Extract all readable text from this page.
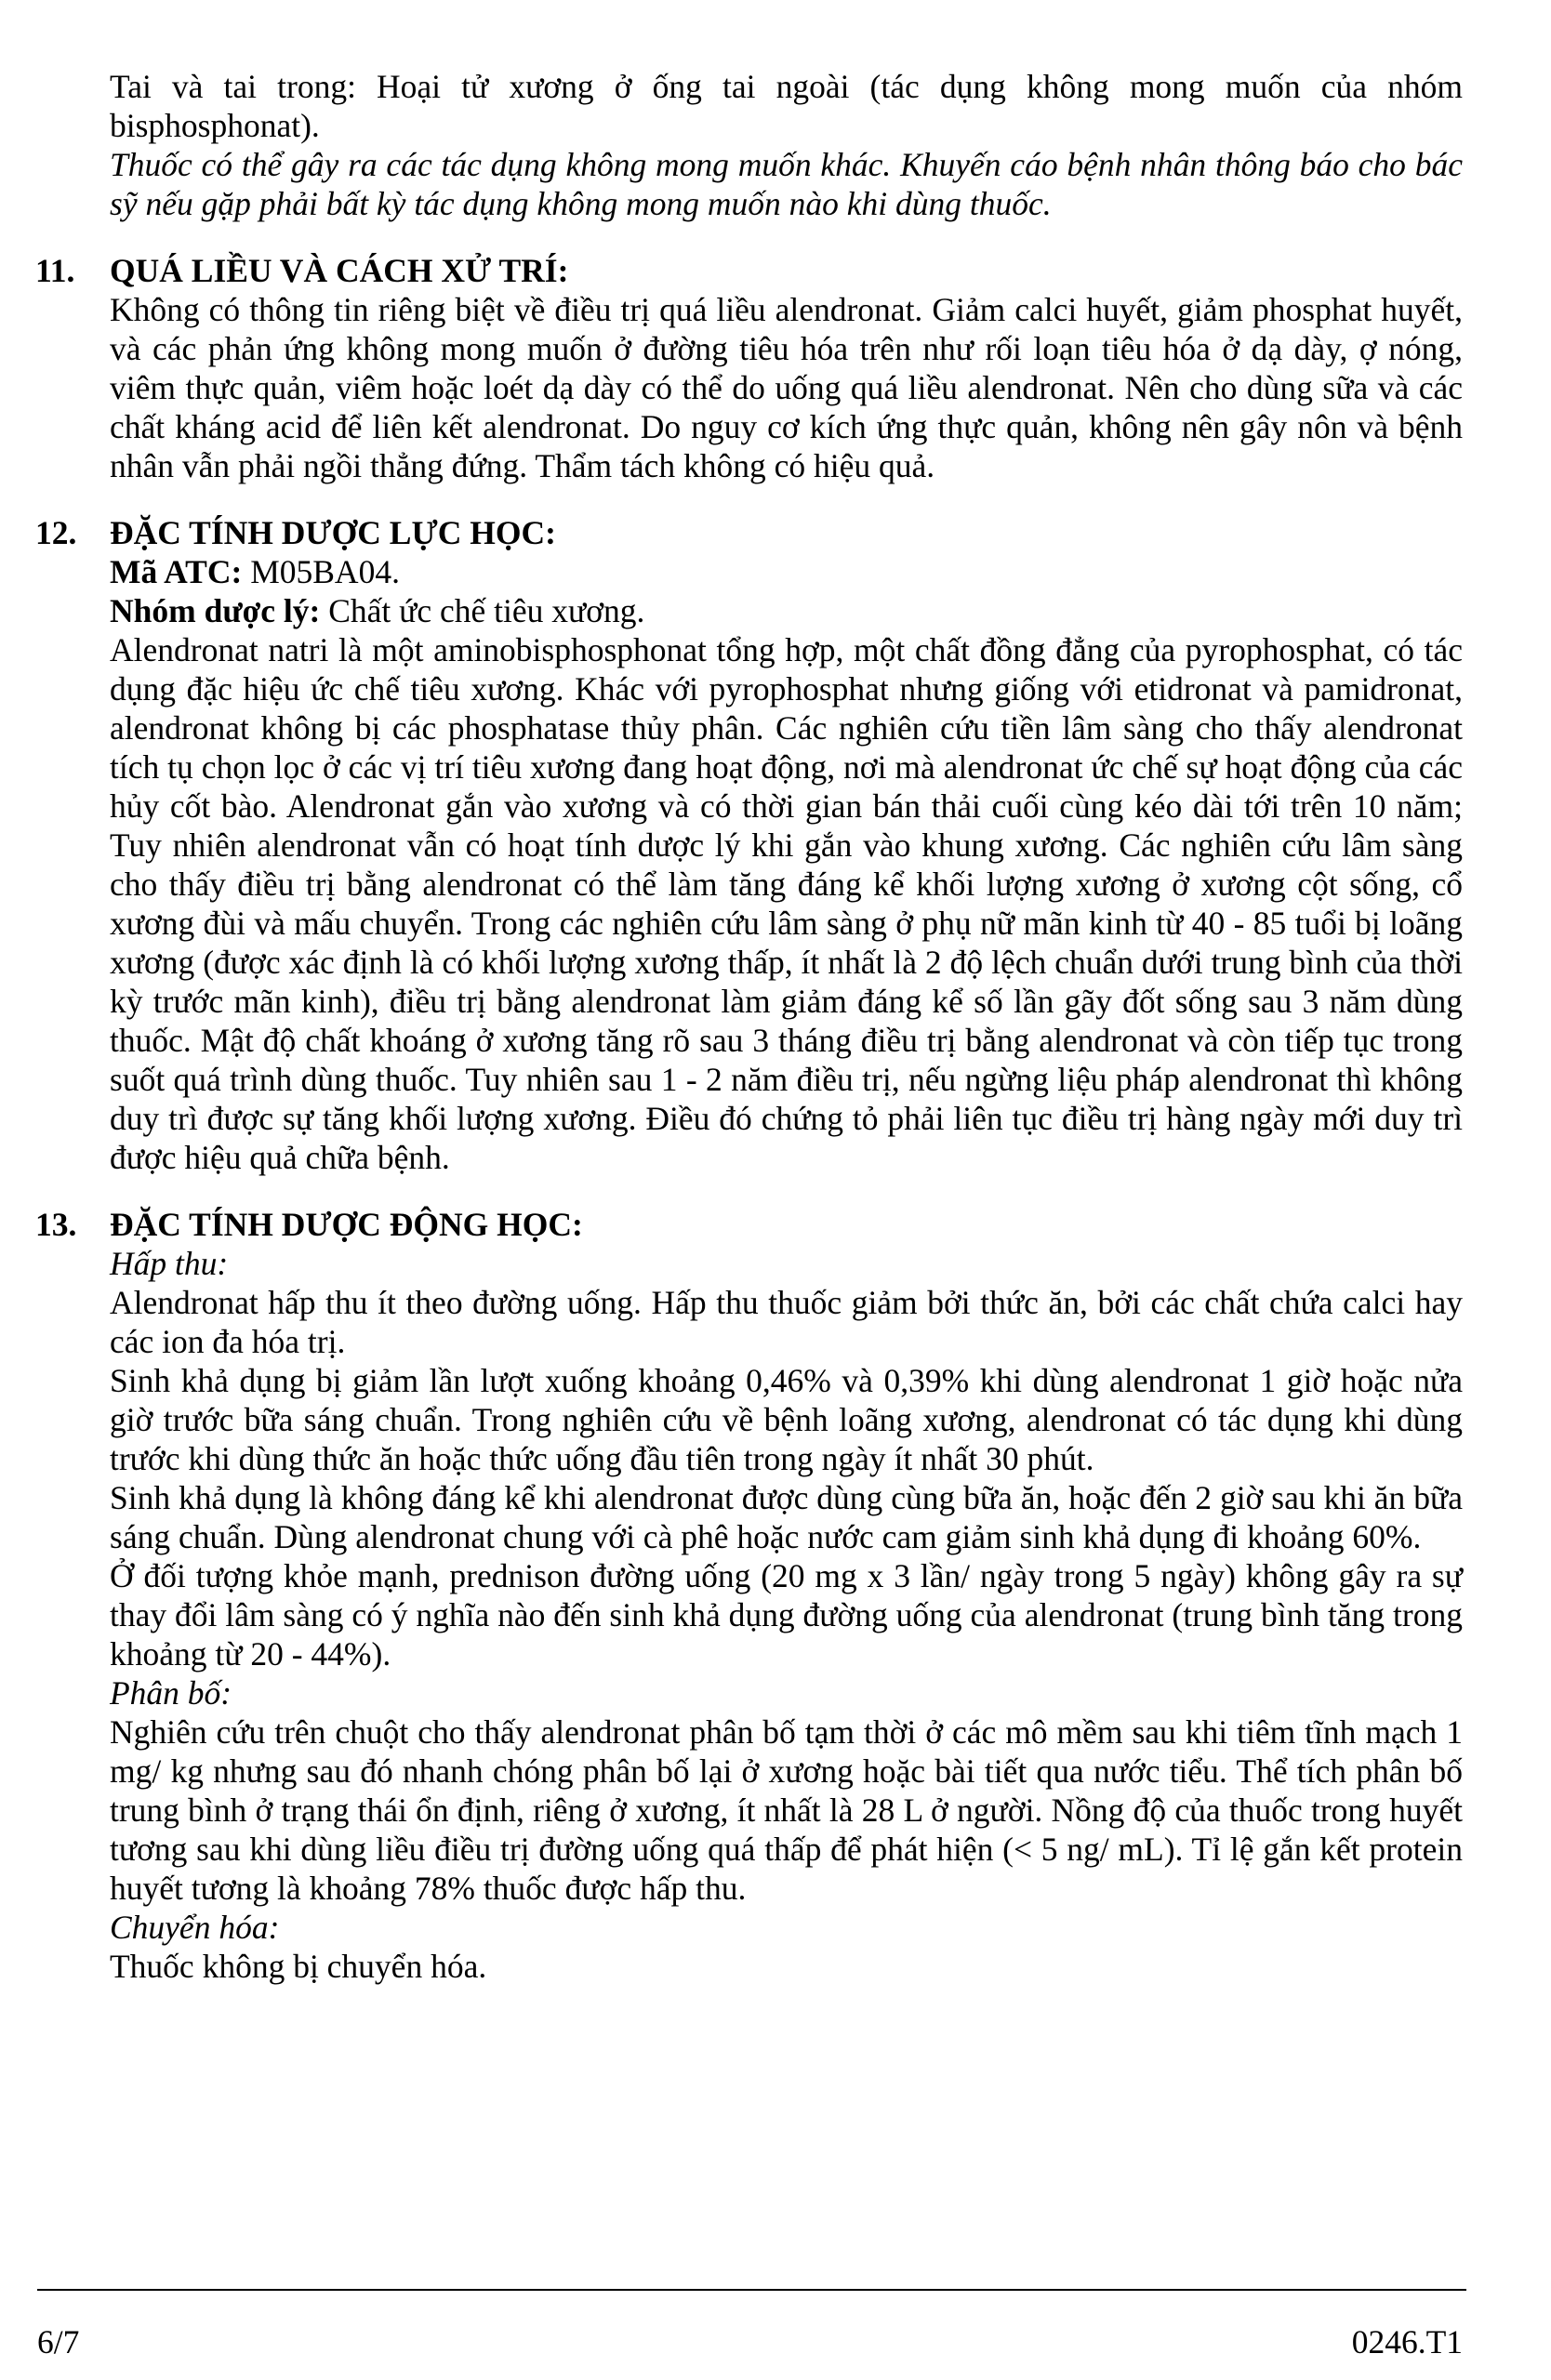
Tai và tai trong: Hoại tử xương ở ống tai ngoài (tác dụng không mong muốn của nhóm bisphosphonat).

Thuốc có thể gây ra các tác dụng không mong muốn khác. Khuyến cáo bệnh nhân thông báo cho bác sỹ nếu gặp phải bất kỳ tác dụng không mong muốn nào khi dùng thuốc.

11. QUÁ LIỀU VÀ CÁCH XỬ TRÍ:

Không có thông tin riêng biệt về điều trị quá liều alendronat. Giảm calci huyết, giảm phosphat huyết, và các phản ứng không mong muốn ở đường tiêu hóa trên như rối loạn tiêu hóa ở dạ dày, ợ nóng, viêm thực quản, viêm hoặc loét dạ dày có thể do uống quá liều alendronat. Nên cho dùng sữa và các chất kháng acid để liên kết alendronat. Do nguy cơ kích ứng thực quản, không nên gây nôn và bệnh nhân vẫn phải ngồi thẳng đứng. Thẩm tách không có hiệu quả.

12. ĐẶC TÍNH DƯỢC LỰC HỌC:

Mã ATC: M05BA04.

Nhóm dược lý: Chất ức chế tiêu xương.

Alendronat natri là một aminobisphosphonat tổng hợp, một chất đồng đẳng của pyrophosphat, có tác dụng đặc hiệu ức chế tiêu xương. Khác với pyrophosphat nhưng giống với etidronat và pamidronat, alendronat không bị các phosphatase thủy phân. Các nghiên cứu tiền lâm sàng cho thấy alendronat tích tụ chọn lọc ở các vị trí tiêu xương đang hoạt động, nơi mà alendronat ức chế sự hoạt động của các hủy cốt bào. Alendronat gắn vào xương và có thời gian bán thải cuối cùng kéo dài tới trên 10 năm; Tuy nhiên alendronat vẫn có hoạt tính dược lý khi gắn vào khung xương. Các nghiên cứu lâm sàng cho thấy điều trị bằng alendronat có thể làm tăng đáng kể khối lượng xương ở xương cột sống, cổ xương đùi và mấu chuyển. Trong các nghiên cứu lâm sàng ở phụ nữ mãn kinh từ 40 - 85 tuổi bị loãng xương (được xác định là có khối lượng xương thấp, ít nhất là 2 độ lệch chuẩn dưới trung bình của thời kỳ trước mãn kinh), điều trị bằng alendronat làm giảm đáng kể số lần gãy đốt sống sau 3 năm dùng thuốc. Mật độ chất khoáng ở xương tăng rõ sau 3 tháng điều trị bằng alendronat và còn tiếp tục trong suốt quá trình dùng thuốc. Tuy nhiên sau 1 - 2 năm điều trị, nếu ngừng liệu pháp alendronat thì không duy trì được sự tăng khối lượng xương. Điều đó chứng tỏ phải liên tục điều trị hàng ngày mới duy trì được hiệu quả chữa bệnh.

13. ĐẶC TÍNH DƯỢC ĐỘNG HỌC:

Hấp thu:

Alendronat hấp thu ít theo đường uống. Hấp thu thuốc giảm bởi thức ăn, bởi các chất chứa calci hay các ion đa hóa trị.

Sinh khả dụng bị giảm lần lượt xuống khoảng 0,46% và 0,39% khi dùng alendronat 1 giờ hoặc nửa giờ trước bữa sáng chuẩn. Trong nghiên cứu về bệnh loãng xương, alendronat có tác dụng khi dùng trước khi dùng thức ăn hoặc thức uống đầu tiên trong ngày ít nhất 30 phút.

Sinh khả dụng là không đáng kể khi alendronat được dùng cùng bữa ăn, hoặc đến 2 giờ sau khi ăn bữa sáng chuẩn. Dùng alendronat chung với cà phê hoặc nước cam giảm sinh khả dụng đi khoảng 60%.

Ở đối tượng khỏe mạnh, prednison đường uống (20 mg x 3 lần/ ngày trong 5 ngày) không gây ra sự thay đổi lâm sàng có ý nghĩa nào đến sinh khả dụng đường uống của alendronat (trung bình tăng trong khoảng từ 20 - 44%).

Phân bố:

Nghiên cứu trên chuột cho thấy alendronat phân bố tạm thời ở các mô mềm sau khi tiêm tĩnh mạch 1 mg/ kg nhưng sau đó nhanh chóng phân bố lại ở xương hoặc bài tiết qua nước tiểu. Thể tích phân bố trung bình ở trạng thái ổn định, riêng ở xương, ít nhất là 28 L ở người. Nồng độ của thuốc trong huyết tương sau khi dùng liều điều trị đường uống quá thấp để phát hiện (< 5 ng/ mL). Tỉ lệ gắn kết protein huyết tương là khoảng 78% thuốc được hấp thu.

Chuyển hóa:

Thuốc không bị chuyển hóa.

6/7	0246.T1
